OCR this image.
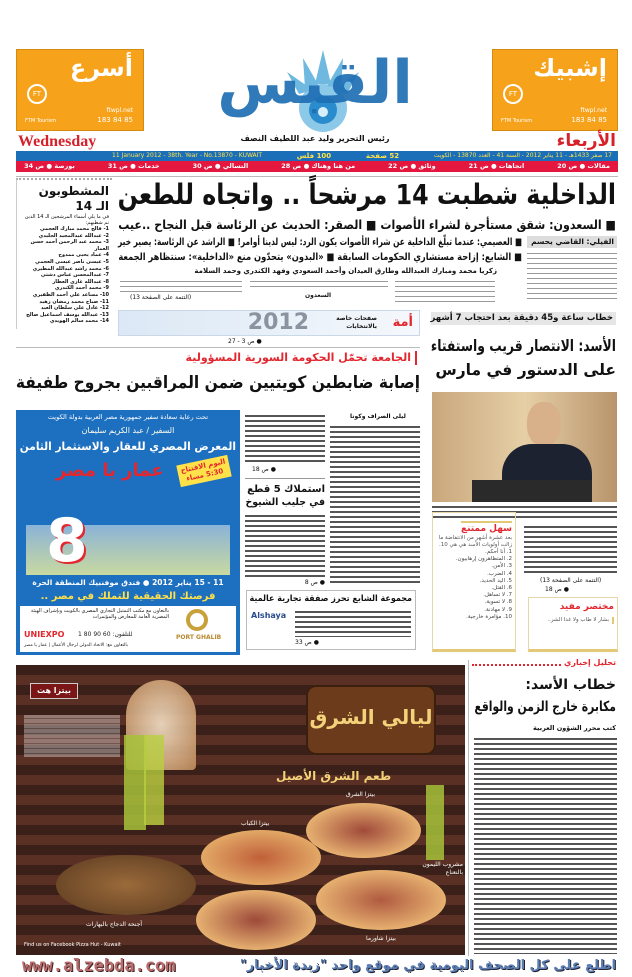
أسرع
FT
ftwpl.net
183 84 85
FTM Tourism
إشبيك
FT
ftwpl.net
183 84 85
FTM Tourism
القبس
رئيس التحرير وليد عبد اللطيف النصف
Wednesday	الأربعاء
17 صفر 1433هـ - 11 يناير 2012 - السنة 41 - العدد 13870 - الكويت
52 صفحة
100 فلس
11 January 2012 - 38th. Year - No.13870 - KUWAIT
مقالات ● ص 20
اتجاهات ● ص 21
وثائق ● ص 22
من هنا وهناك ● ص 28
التسالي ● ص 30
خدمات ● ص 31
بورصة ● ص 34
الداخلية شطبت 14 مرشحاً .. واتجاه للطعن
■ السعدون: شقق مستأجرة لشراء الأصوات ■ الصقر: الحديث عن الرئاسة قبل النجاح ..عيب
■ العصيمي: عندما تبلّغ الداخلية عن شراء الأصوات يكون الرد: ليس لدينا أوامر! ■ الراشد عن الرئاسة: يصير خير
■ الشايع: إزاحة مستشاري الحكومات السابقة ■ «البدون» يتحدّون منع «الداخلية»: سنتظاهر الجمعة
زكريا محمد ومبارك العبدالله وطارق العيدان وأحمد السعودي وفهد الكندري وحمد السلامة
السعدون
(التتمة على الصفحة 13)
المشطوبون
الـ 14
في ما يلي أسماء المرشحين الـ 14 الذين تم شطبهم:
1- فالح محمد مبارك العجمي
2- عبدالله عبدالمجيد الجليدي
3- محمد عبد الرحمن أحمد حسن العمار
4- عماد يحيى ممدوح
5- عيسى ناصر عيسى العجمي
6- محمد راشد عبدالله المطيري
7- عبدالمحسن عباس دشتي
8- عبدالله غازي العطار
9- محمد أحمد الكندري
10- مساعد علي أحمد الظفيري
11- صباح محمد رمضان زهيد
12- عادل علي سلطان العيد
13- عبدالله يوسف اسماعيل صالح
14- محمد سالم الهويدي
الفيلي: القاضي يحسم
أمة
2012	صفحات خاصة بالانتخابات
● ص 3 - 27
خطاب ساعة و45 دقيقة بعد احتجاب 7 أشهر
الأسد: الانتصار قريب واستفتاء
على الدستور في مارس
(التتمة على الصفحة 13)
● ص 18
الجامعة تحمّل الحكومة السورية المسؤولية
إصابة ضابطين كويتيين ضمن المراقبين بجروح طفيفة
ليلى الصراف وكونا
● ص 18
استملاك 5 قطع
في جليب الشيوخ
● ص 8
مجموعة الشايع تحرز صفقة تجارية عالمية
Alshaya
● ص 33
تحت رعاية سعادة سفير جمهورية مصر العربية بدولة الكويت
السفير / عبد الكريم سليمان
المعرض المصري للعقار والاستثمار الثامن
عمار يا مصر	اليوم الافتتاح 5:30 مساء
8
11 - 15 يناير 2012 ● فندق موفنبيك المنطقة الحرة
فرصتك الحقيقية للتملك في مصر ..
بالتعاون مع مكتب التمثيل التجاري المصري بالكويت وبإشراف الهيئة المصرية العامة للمعارض والمؤتمرات
PORT GHALIB
UNIEXPO للتلفون: 60 90 80 1
بالتعاون مع: الاتحاد الدولي لرجال الأعمال | عمار يا مصر
سهل ممتنع
بعد عشرة أشهر من الانتفاضة ما زالت أولويات الأسد هي هي 10.
1. أنا أحكم.
2. المتظاهرون إرهابيون.
3. الأمن.
4. الضرب.
5. اليد الحديد.
6. القتل.
7. لا تساهل.
8. لا تسوية.
9. لا مهادنة.
10. مؤامرة خارجية.
مختصر مفيد
بشار لا طاب ولا غدا الشر..
تحليل إخباري
خطاب الأسد:
مكابرة خارج الزمن والواقع
كتب محرر الشؤون العربية
بيتزا هت
ليالي الشرق
طعم الشرق الأصيل
بيتزا الشرق
بيتزا الكباب
مشروب الليمون بالنعناع
بيتزا شاورما
أجنحة الدجاج بالبهارات
Find us on Facebook Pizza Hut - Kuwait
اطلع على كل الصحف اليومية في موقع واحد "زبدة الأخبار"
www.alzebda.com
